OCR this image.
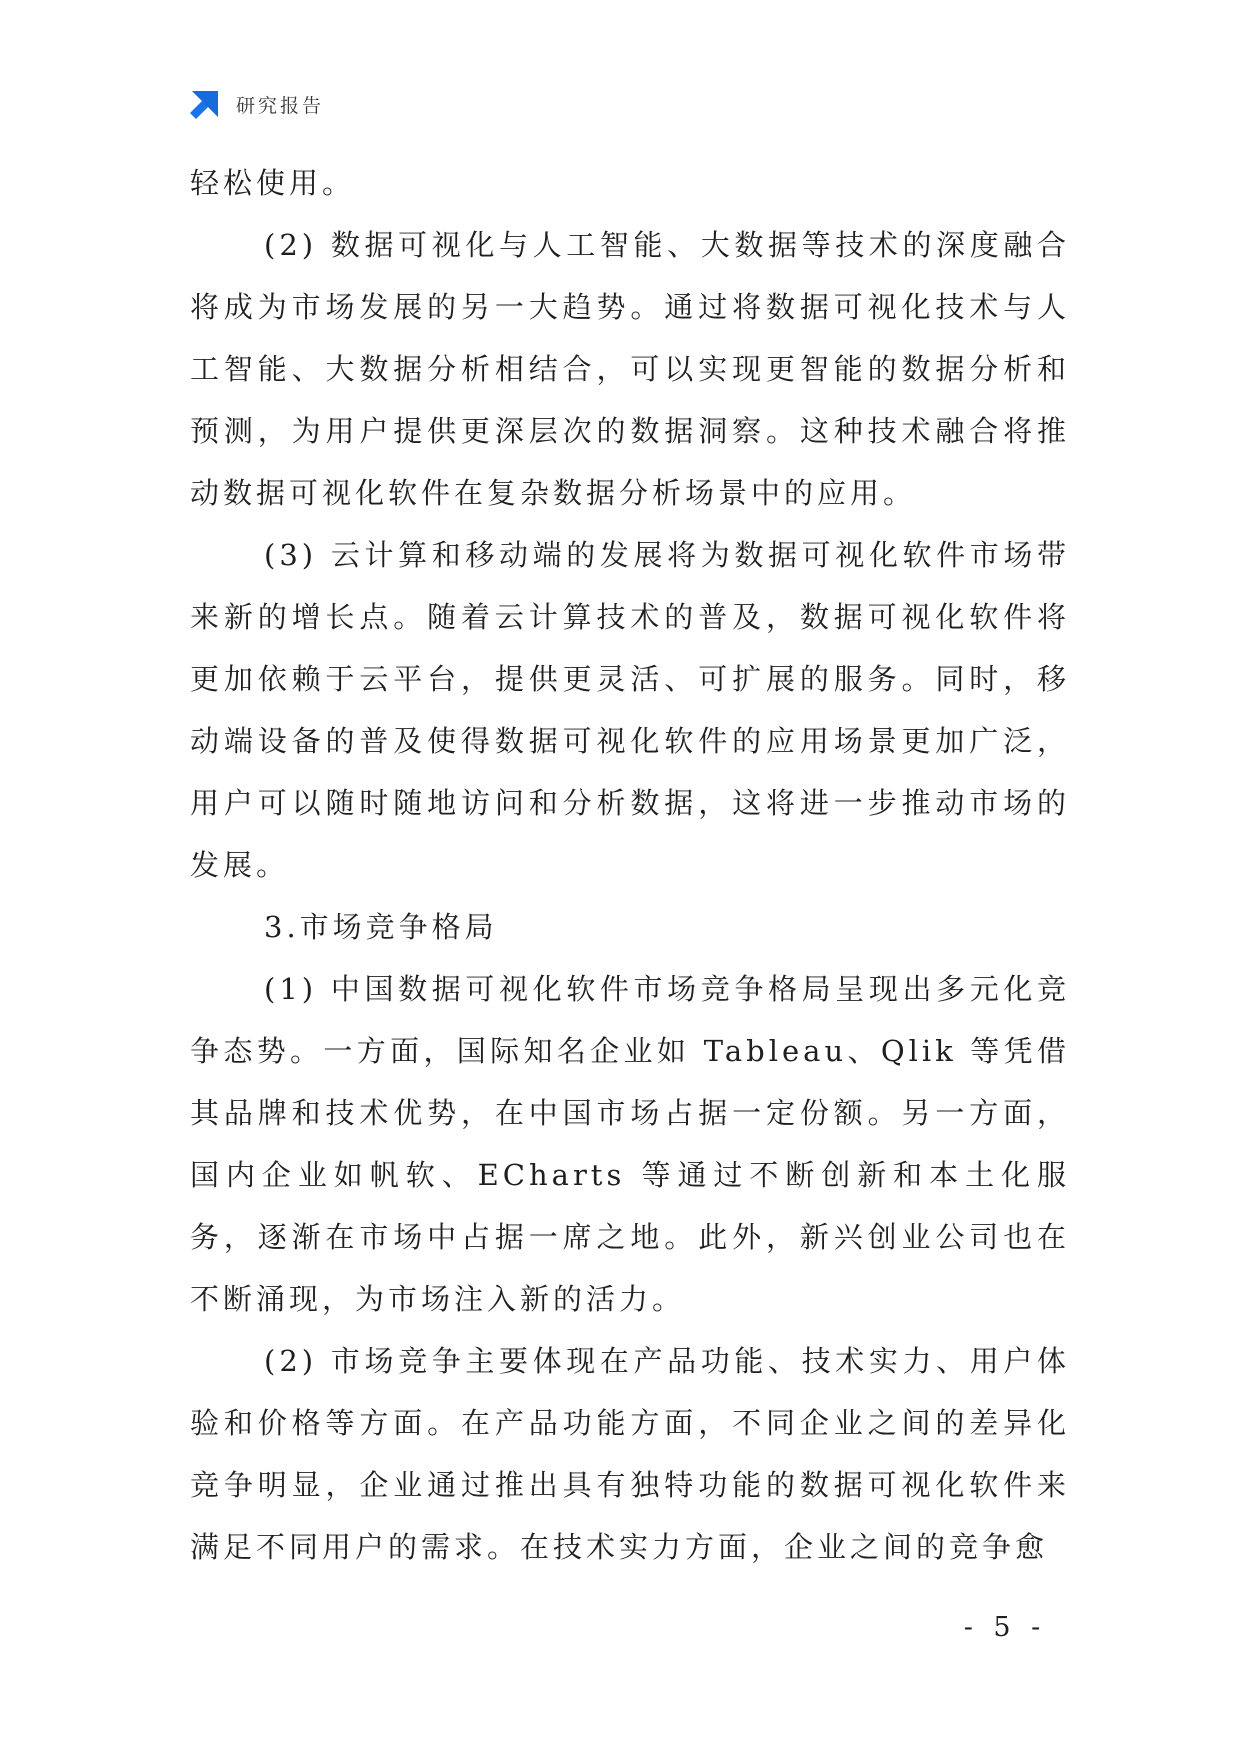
研究报告

轻松使用。

(2) 数据可视化与人工智能、大数据等技术的深度融合将成为市场发展的另一大趋势。通过将数据可视化技术与人工智能、大数据分析相结合，可以实现更智能的数据分析和预测，为用户提供更深层次的数据洞察。这种技术融合将推动数据可视化软件在复杂数据分析场景中的应用。

(3) 云计算和移动端的发展将为数据可视化软件市场带来新的增长点。随着云计算技术的普及，数据可视化软件将更加依赖于云平台，提供更灵活、可扩展的服务。同时，移动端设备的普及使得数据可视化软件的应用场景更加广泛，用户可以随时随地访问和分析数据，这将进一步推动市场的发展。

3.市场竞争格局

(1) 中国数据可视化软件市场竞争格局呈现出多元化竞争态势。一方面，国际知名企业如 Tableau、Qlik 等凭借其品牌和技术优势，在中国市场占据一定份额。另一方面，国内企业如帆软、ECharts 等通过不断创新和本土化服务，逐渐在市场中占据一席之地。此外，新兴创业公司也在不断涌现，为市场注入新的活力。

(2) 市场竞争主要体现在产品功能、技术实力、用户体验和价格等方面。在产品功能方面，不同企业之间的差异化竞争明显，企业通过推出具有独特功能的数据可视化软件来满足不同用户的需求。在技术实力方面，企业之间的竞争愈

- 5 -
